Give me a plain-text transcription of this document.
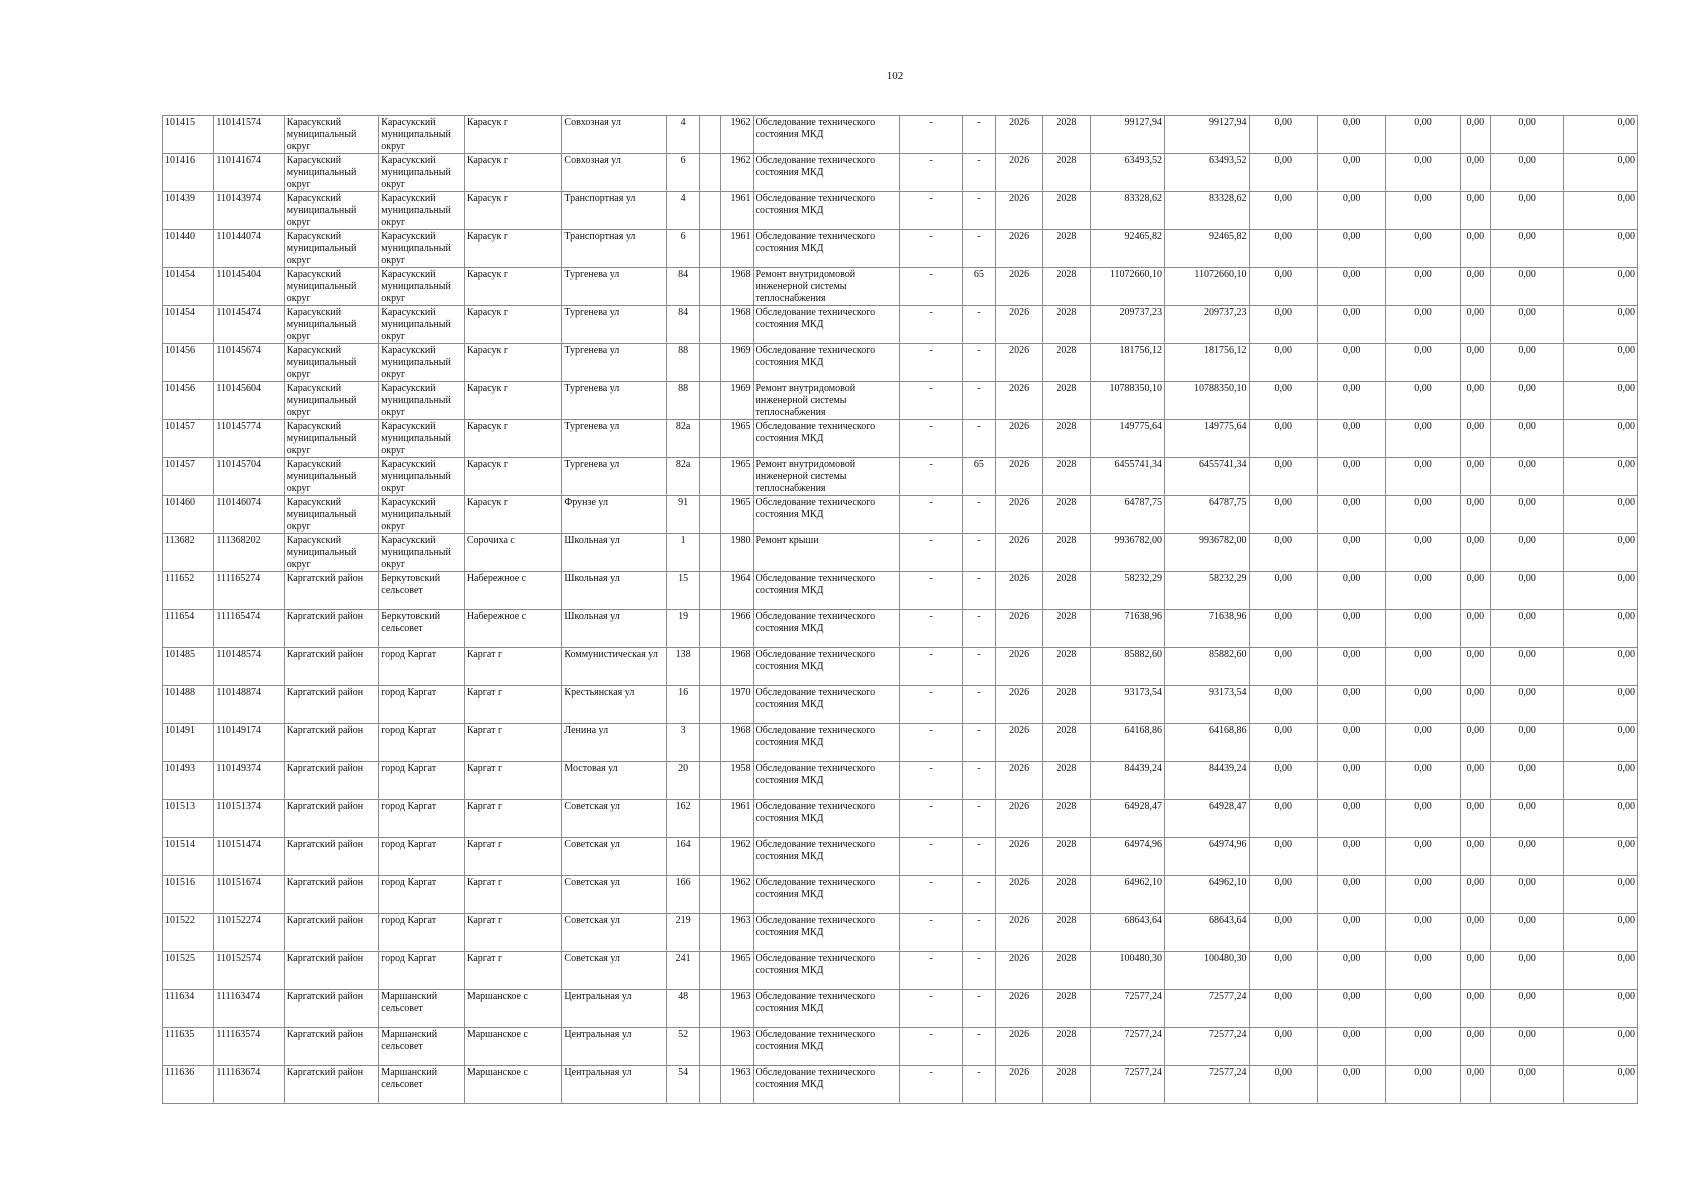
102
101415	110141574	Карасукский муниципальный округ	Карасукский муниципальный округ	Карасук г	Совхозная ул	4		1962	Обследование технического состояния МКД	-	-	2026	2028	99127,94	99127,94	0,00	0,00	0,00	0,00	0,00	0,00
101416	110141674	Карасукский муниципальный округ	Карасукский муниципальный округ	Карасук г	Совхозная ул	6		1962	Обследование технического состояния МКД	-	-	2026	2028	63493,52	63493,52	0,00	0,00	0,00	0,00	0,00	0,00
101439	110143974	Карасукский муниципальный округ	Карасукский муниципальный округ	Карасук г	Транспортная ул	4		1961	Обследование технического состояния МКД	-	-	2026	2028	83328,62	83328,62	0,00	0,00	0,00	0,00	0,00	0,00
101440	110144074	Карасукский муниципальный округ	Карасукский муниципальный округ	Карасук г	Транспортная ул	6		1961	Обследование технического состояния МКД	-	-	2026	2028	92465,82	92465,82	0,00	0,00	0,00	0,00	0,00	0,00
101454	110145404	Карасукский муниципальный округ	Карасукский муниципальный округ	Карасук г	Тургенева ул	84		1968	Ремонт внутридомовой инженерной системы теплоснабжения	-	65	2026	2028	11072660,10	11072660,10	0,00	0,00	0,00	0,00	0,00	0,00
101454	110145474	Карасукский муниципальный округ	Карасукский муниципальный округ	Карасук г	Тургенева ул	84		1968	Обследование технического состояния МКД	-	-	2026	2028	209737,23	209737,23	0,00	0,00	0,00	0,00	0,00	0,00
101456	110145674	Карасукский муниципальный округ	Карасукский муниципальный округ	Карасук г	Тургенева ул	88		1969	Обследование технического состояния МКД	-	-	2026	2028	181756,12	181756,12	0,00	0,00	0,00	0,00	0,00	0,00
101456	110145604	Карасукский муниципальный округ	Карасукский муниципальный округ	Карасук г	Тургенева ул	88		1969	Ремонт внутридомовой инженерной системы теплоснабжения	-	-	2026	2028	10788350,10	10788350,10	0,00	0,00	0,00	0,00	0,00	0,00
101457	110145774	Карасукский муниципальный округ	Карасукский муниципальный округ	Карасук г	Тургенева ул	82а		1965	Обследование технического состояния МКД	-	-	2026	2028	149775,64	149775,64	0,00	0,00	0,00	0,00	0,00	0,00
101457	110145704	Карасукский муниципальный округ	Карасукский муниципальный округ	Карасук г	Тургенева ул	82а		1965	Ремонт внутридомовой инженерной системы теплоснабжения	-	65	2026	2028	6455741,34	6455741,34	0,00	0,00	0,00	0,00	0,00	0,00
101460	110146074	Карасукский муниципальный округ	Карасукский муниципальный округ	Карасук г	Фрунзе ул	91		1965	Обследование технического состояния МКД	-	-	2026	2028	64787,75	64787,75	0,00	0,00	0,00	0,00	0,00	0,00
113682	111368202	Карасукский муниципальный округ	Карасукский муниципальный округ	Сорочиха с	Школьная ул	1		1980	Ремонт крыши	-	-	2026	2028	9936782,00	9936782,00	0,00	0,00	0,00	0,00	0,00	0,00
111652	111165274	Каргатский район	Беркутовский сельсовет	Набережное с	Школьная ул	15		1964	Обследование технического состояния МКД	-	-	2026	2028	58232,29	58232,29	0,00	0,00	0,00	0,00	0,00	0,00
111654	111165474	Каргатский район	Беркутовский сельсовет	Набережное с	Школьная ул	19		1966	Обследование технического состояния МКД	-	-	2026	2028	71638,96	71638,96	0,00	0,00	0,00	0,00	0,00	0,00
101485	110148574	Каргатский район	город Каргат	Каргат г	Коммунистическая ул	138		1968	Обследование технического состояния МКД	-	-	2026	2028	85882,60	85882,60	0,00	0,00	0,00	0,00	0,00	0,00
101488	110148874	Каргатский район	город Каргат	Каргат г	Крестьянская ул	16		1970	Обследование технического состояния МКД	-	-	2026	2028	93173,54	93173,54	0,00	0,00	0,00	0,00	0,00	0,00
101491	110149174	Каргатский район	город Каргат	Каргат г	Ленина ул	3		1968	Обследование технического состояния МКД	-	-	2026	2028	64168,86	64168,86	0,00	0,00	0,00	0,00	0,00	0,00
101493	110149374	Каргатский район	город Каргат	Каргат г	Мостовая ул	20		1958	Обследование технического состояния МКД	-	-	2026	2028	84439,24	84439,24	0,00	0,00	0,00	0,00	0,00	0,00
101513	110151374	Каргатский район	город Каргат	Каргат г	Советская ул	162		1961	Обследование технического состояния МКД	-	-	2026	2028	64928,47	64928,47	0,00	0,00	0,00	0,00	0,00	0,00
101514	110151474	Каргатский район	город Каргат	Каргат г	Советская ул	164		1962	Обследование технического состояния МКД	-	-	2026	2028	64974,96	64974,96	0,00	0,00	0,00	0,00	0,00	0,00
101516	110151674	Каргатский район	город Каргат	Каргат г	Советская ул	166		1962	Обследование технического состояния МКД	-	-	2026	2028	64962,10	64962,10	0,00	0,00	0,00	0,00	0,00	0,00
101522	110152274	Каргатский район	город Каргат	Каргат г	Советская ул	219		1963	Обследование технического состояния МКД	-	-	2026	2028	68643,64	68643,64	0,00	0,00	0,00	0,00	0,00	0,00
101525	110152574	Каргатский район	город Каргат	Каргат г	Советская ул	241		1965	Обследование технического состояния МКД	-	-	2026	2028	100480,30	100480,30	0,00	0,00	0,00	0,00	0,00	0,00
111634	111163474	Каргатский район	Маршанский сельсовет	Маршанское с	Центральная ул	48		1963	Обследование технического состояния МКД	-	-	2026	2028	72577,24	72577,24	0,00	0,00	0,00	0,00	0,00	0,00
111635	111163574	Каргатский район	Маршанский сельсовет	Маршанское с	Центральная ул	52		1963	Обследование технического состояния МКД	-	-	2026	2028	72577,24	72577,24	0,00	0,00	0,00	0,00	0,00	0,00
111636	111163674	Каргатский район	Маршанский сельсовет	Маршанское с	Центральная ул	54		1963	Обследование технического состояния МКД	-	-	2026	2028	72577,24	72577,24	0,00	0,00	0,00	0,00	0,00	0,00
